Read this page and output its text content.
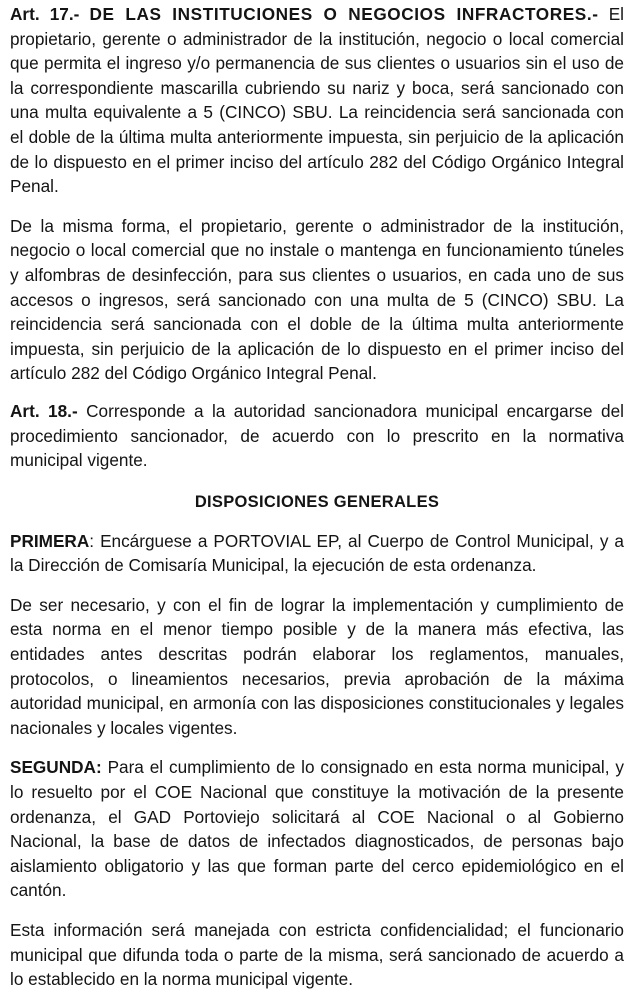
Art. 17.- DE LAS INSTITUCIONES O NEGOCIOS INFRACTORES.- El propietario, gerente o administrador de la institución, negocio o local comercial que permita el ingreso y/o permanencia de sus clientes o usuarios sin el uso de la correspondiente mascarilla cubriendo su nariz y boca, será sancionado con una multa equivalente a 5 (CINCO) SBU. La reincidencia será sancionada con el doble de la última multa anteriormente impuesta, sin perjuicio de la aplicación de lo dispuesto en el primer inciso del artículo 282 del Código Orgánico Integral Penal.

De la misma forma, el propietario, gerente o administrador de la institución, negocio o local comercial que no instale o mantenga en funcionamiento túneles y alfombras de desinfección, para sus clientes o usuarios, en cada uno de sus accesos o ingresos, será sancionado con una multa de 5 (CINCO) SBU. La reincidencia será sancionada con el doble de la última multa anteriormente impuesta, sin perjuicio de la aplicación de lo dispuesto en el primer inciso del artículo 282 del Código Orgánico Integral Penal.

Art. 18.- Corresponde a la autoridad sancionadora municipal encargarse del procedimiento sancionador, de acuerdo con lo prescrito en la normativa municipal vigente.

DISPOSICIONES GENERALES

PRIMERA: Encárguese a PORTOVIAL EP, al Cuerpo de Control Municipal, y a la Dirección de Comisaría Municipal, la ejecución de esta ordenanza.

De ser necesario, y con el fin de lograr la implementación y cumplimiento de esta norma en el menor tiempo posible y de la manera más efectiva, las entidades antes descritas podrán elaborar los reglamentos, manuales, protocolos, o lineamientos necesarios, previa aprobación de la máxima autoridad municipal, en armonía con las disposiciones constitucionales y legales nacionales y locales vigentes.

SEGUNDA: Para el cumplimiento de lo consignado en esta norma municipal, y lo resuelto por el COE Nacional que constituye la motivación de la presente ordenanza, el GAD Portoviejo solicitará al COE Nacional o al Gobierno Nacional, la base de datos de infectados diagnosticados, de personas bajo aislamiento obligatorio y las que forman parte del cerco epidemiológico en el cantón.

Esta información será manejada con estricta confidencialidad; el funcionario municipal que difunda toda o parte de la misma, será sancionado de acuerdo a lo establecido en la norma municipal vigente.
